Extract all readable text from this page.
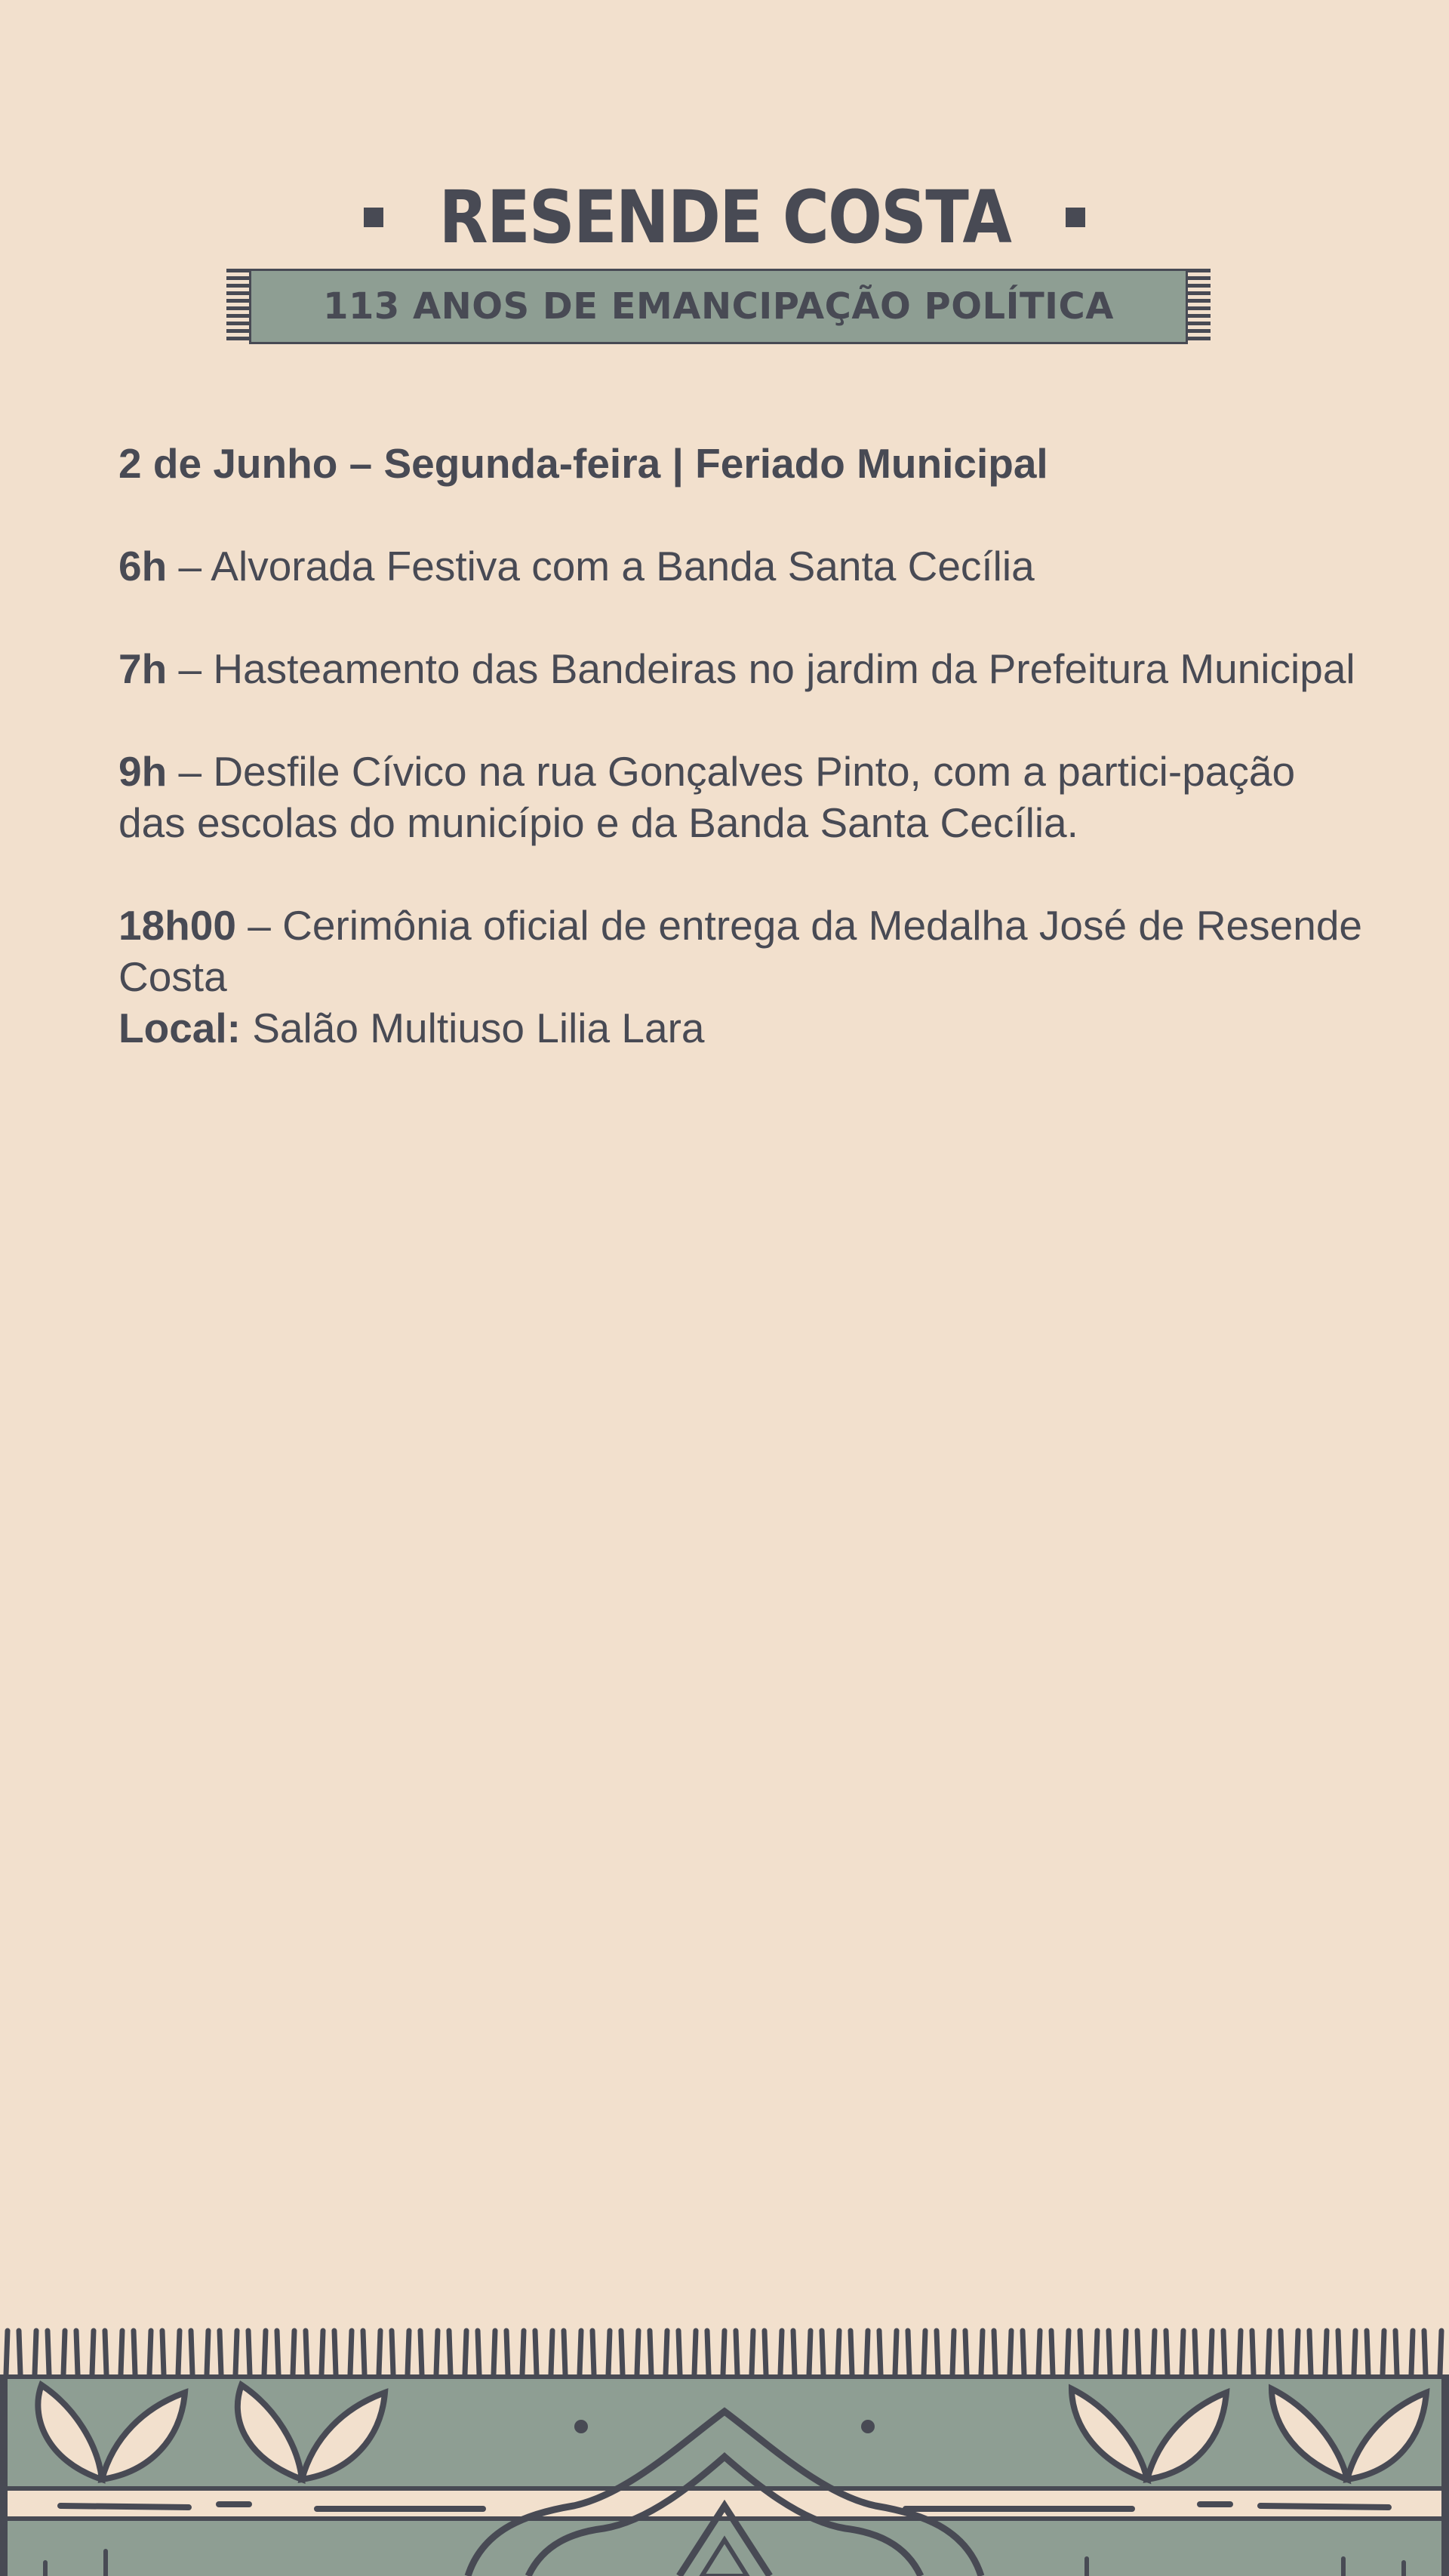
RESENDE COSTA
113 ANOS DE EMANCIPAÇÃO POLÍTICA

2 de Junho – Segunda-feira | Feriado Municipal

6h – Alvorada Festiva com a Banda Santa Cecília

7h – Hasteamento das Bandeiras no jardim da Prefeitura Municipal

9h – Desfile Cívico na rua Gonçalves Pinto, com a partici-pação das escolas do município e da Banda Santa Cecília.

18h00 – Cerimônia oficial de entrega da Medalha José de Resende Costa

Local: Salão Multiuso Lilia Lara
